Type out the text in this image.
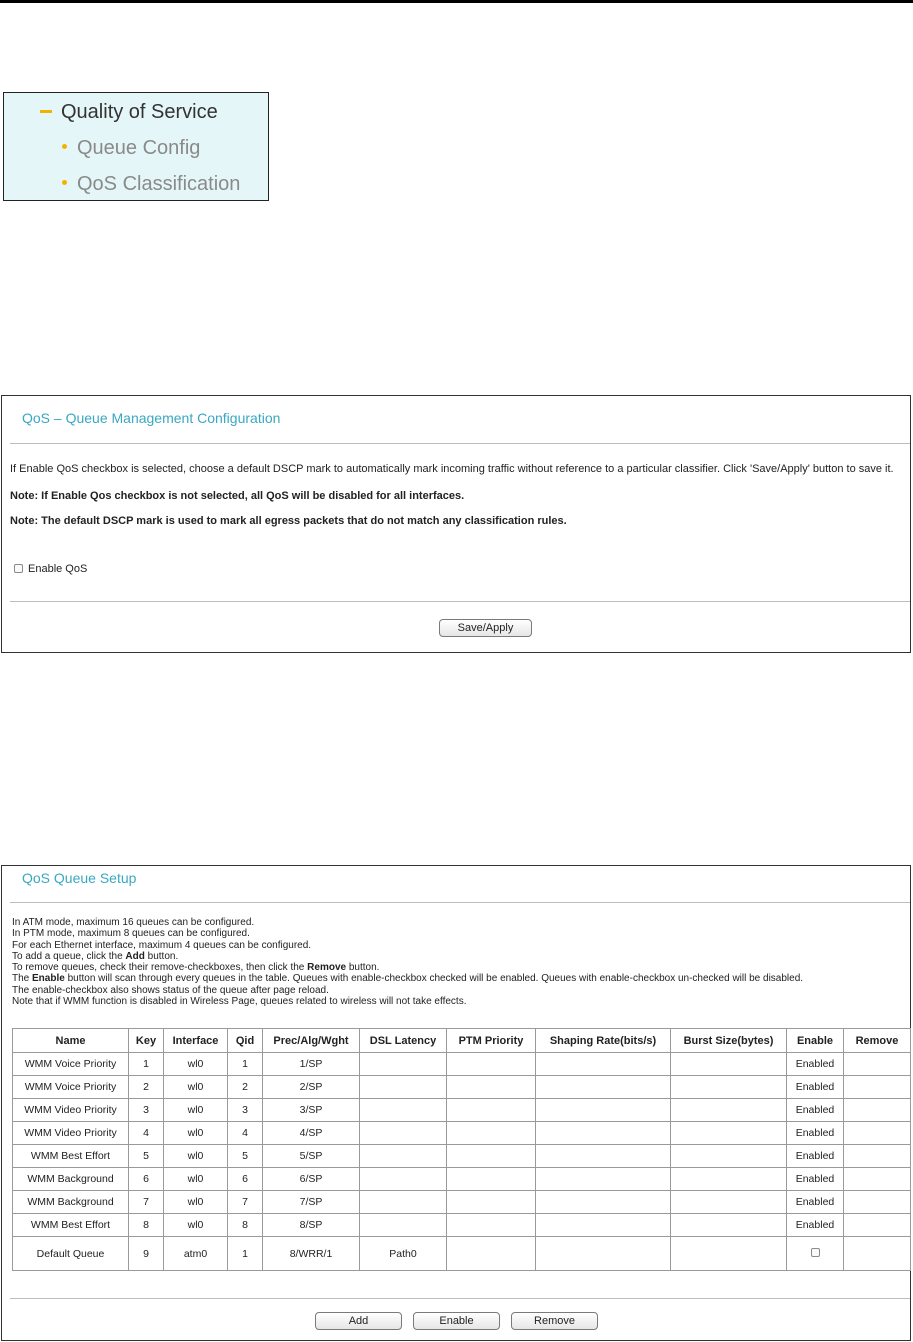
Quality of Service
Queue Config
QoS Classification
QoS – Queue Management Configuration
If Enable QoS checkbox is selected, choose a default DSCP mark to automatically mark incoming traffic without reference to a particular classifier. Click 'Save/Apply' button to save it.
Note: If Enable Qos checkbox is not selected, all QoS will be disabled for all interfaces.
Note: The default DSCP mark is used to mark all egress packets that do not match any classification rules.
Enable QoS
Save/Apply
QoS Queue Setup
In ATM mode, maximum 16 queues can be configured.
In PTM mode, maximum 8 queues can be configured.
For each Ethernet interface, maximum 4 queues can be configured.
To add a queue, click the Add button.
To remove queues, check their remove-checkboxes, then click the Remove button.
The Enable button will scan through every queues in the table. Queues with enable-checkbox checked will be enabled. Queues with enable-checkbox un-checked will be disabled.
The enable-checkbox also shows status of the queue after page reload.
Note that if WMM function is disabled in Wireless Page, queues related to wireless will not take effects.
Name	Key	Interface	Qid	Prec/Alg/Wght	DSL Latency	PTM Priority	Shaping Rate(bits/s)	Burst Size(bytes)	Enable	Remove
WMM Voice Priority	1	wl0	1	1/SP					Enabled	
WMM Voice Priority	2	wl0	2	2/SP					Enabled	
WMM Video Priority	3	wl0	3	3/SP					Enabled	
WMM Video Priority	4	wl0	4	4/SP					Enabled	
WMM Best Effort	5	wl0	5	5/SP					Enabled	
WMM Background	6	wl0	6	6/SP					Enabled	
WMM Background	7	wl0	7	7/SP					Enabled	
WMM Best Effort	8	wl0	8	8/SP					Enabled	
Default Queue	9	atm0	1	8/WRR/1	Path0					
Add	Enable	Remove
